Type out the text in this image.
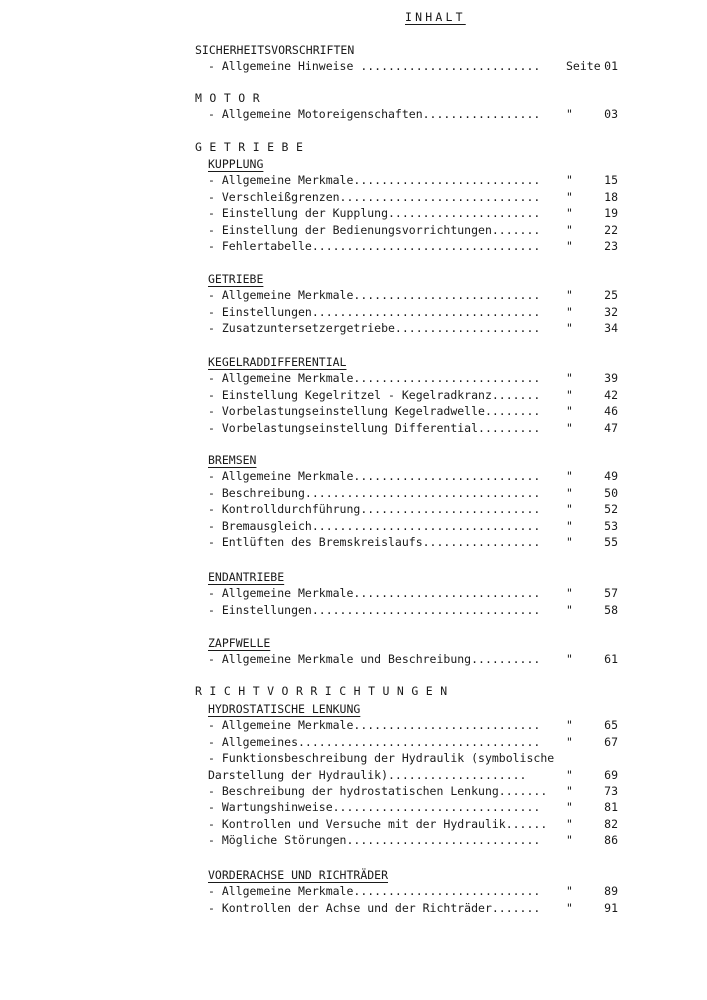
INHALT
SICHERHEITSVORSCHRIFTEN
- Allgemeine Hinweise .......................... Seite 01
MOTOR
- Allgemeine Motoreigenschaften................. "	03
GETRIEBE
KUPPLUNG
- Allgemeine Merkmale........................... "	15
- Verschleißgrenzen............................. "	18
- Einstellung der Kupplung...................... "	19
- Einstellung der Bedienungsvorrichtungen....... "	22
- Fehlertabelle................................. "	23
GETRIEBE
- Allgemeine Merkmale........................... "	25
- Einstellungen................................. "	32
- Zusatzuntersetzergetriebe..................... "	34
KEGELRADDIFFERENTIAL
- Allgemeine Merkmale........................... "	39
- Einstellung Kegelritzel - Kegelradkranz....... "	42
- Vorbelastungseinstellung Kegelradwelle........ "	46
- Vorbelastungseinstellung Differential......... "	47
BREMSEN
- Allgemeine Merkmale........................... "	49
- Beschreibung.................................. "	50
- Kontrolldurchführung.......................... "	52
- Bremausgleich................................. "	53
- Entlüften des Bremskreislaufs................. "	55
ENDANTRIEBE
- Allgemeine Merkmale........................... "	57
- Einstellungen................................. "	58
ZAPFWELLE
- Allgemeine Merkmale und Beschreibung.......... "	61
RICHTVORRICHTUNGEN
HYDROSTATISCHE LENKUNG
- Allgemeine Merkmale........................... "	65
- Allgemeines................................... "	67
- Funktionsbeschreibung der Hydraulik (symbolische
Darstellung der Hydraulik)....................	"	69
- Beschreibung der hydrostatischen Lenkung....... "	73
- Wartungshinweise.............................. "	81
- Kontrollen und Versuche mit der Hydraulik...... "	82
- Mögliche Störungen............................ "	86
VORDERACHSE UND RICHTRÄDER
- Allgemeine Merkmale........................... "	89
- Kontrollen der Achse und der Richträder....... "	91
